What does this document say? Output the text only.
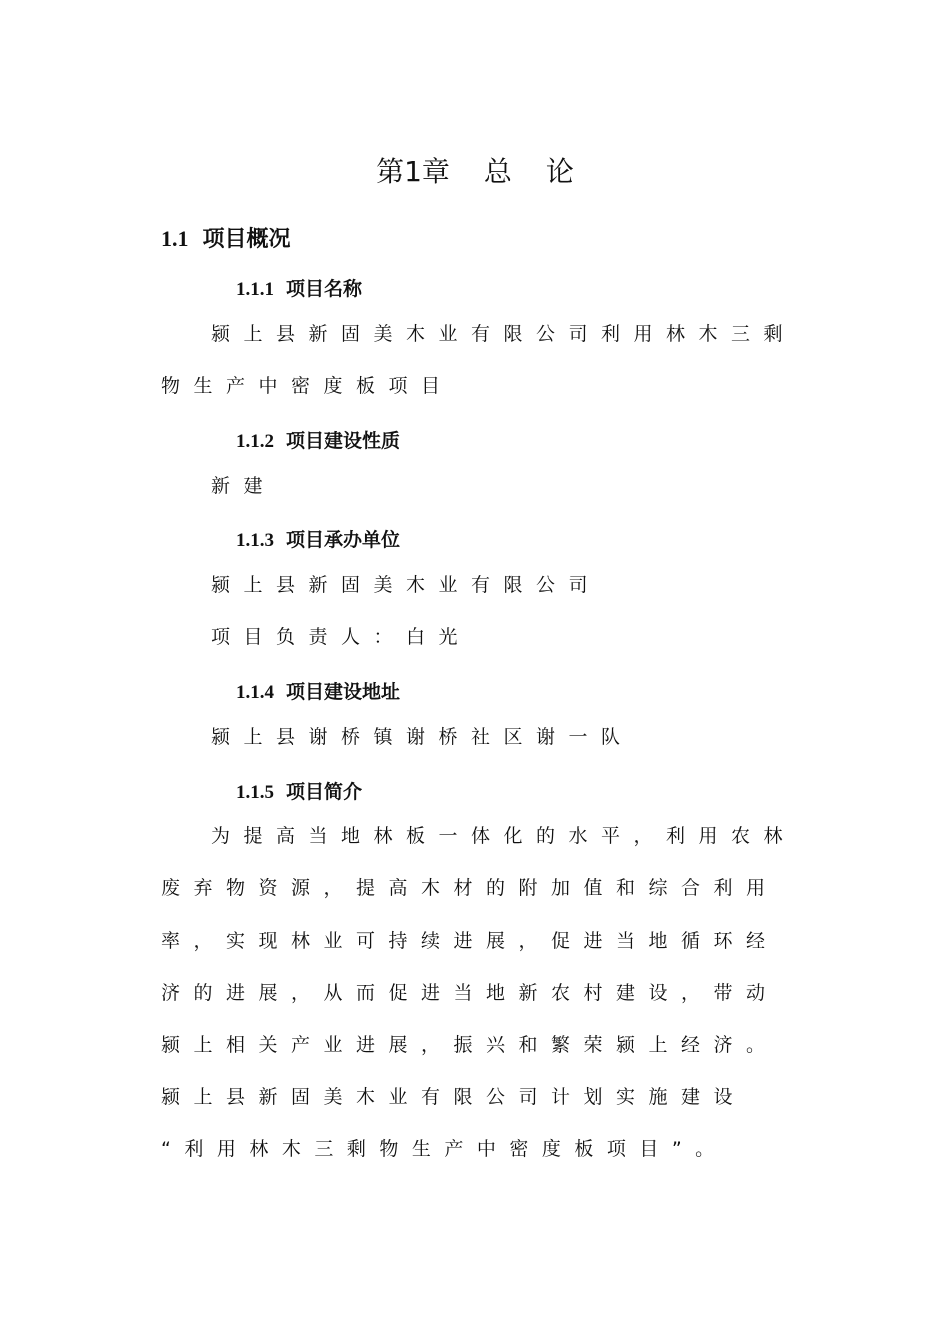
第1章 总 论
1.1 项目概况
1.1.1 项目名称
颍上县新固美木业有限公司利用林木三剩
物生产中密度板项目
1.1.2 项目建设性质
新建
1.1.3 项目承办单位
颍上县新固美木业有限公司
项目负责人：白光
1.1.4 项目建设地址
颍上县谢桥镇谢桥社区谢一队
1.1.5 项目简介
为提高当地林板一体化的水平，利用农林
废弃物资源，提高木材的附加值和综合利用
率，实现林业可持续进展，促进当地循环经
济的进展，从而促进当地新农村建设，带动
颍上相关产业进展，振兴和繁荣颍上经济。
颍上县新固美木业有限公司计划实施建设
“利用林木三剩物生产中密度板项目”。
